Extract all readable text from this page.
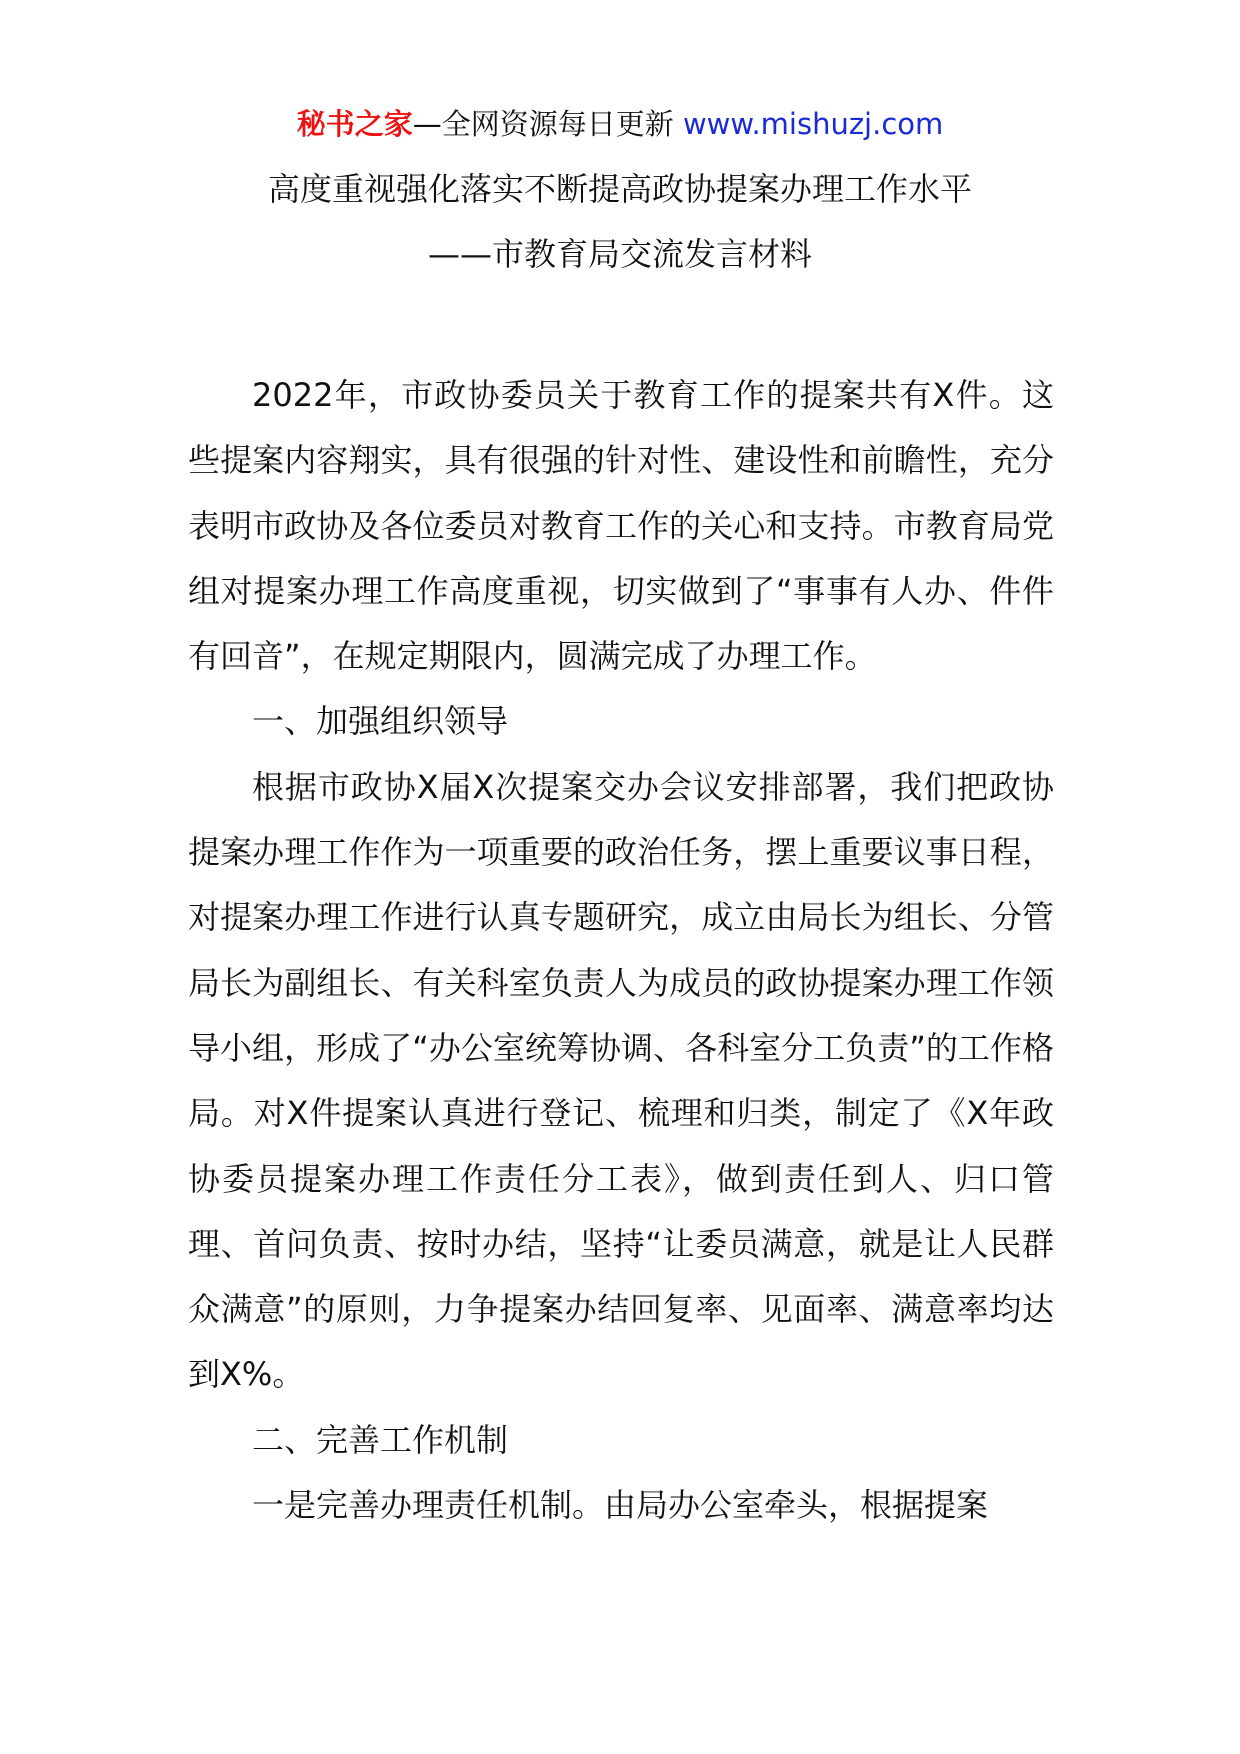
秘书之家—全网资源每日更新 www.mishuzj.com
高度重视强化落实不断提高政协提案办理工作水平
——市教育局交流发言材料

2022年，市政协委员关于教育工作的提案共有X件。这些提案内容翔实，具有很强的针对性、建设性和前瞻性，充分表明市政协及各位委员对教育工作的关心和支持。市教育局党组对提案办理工作高度重视，切实做到了“事事有人办、件件有回音”，在规定期限内，圆满完成了办理工作。

一、加强组织领导

根据市政协X届X次提案交办会议安排部署，我们把政协提案办理工作作为一项重要的政治任务，摆上重要议事日程，对提案办理工作进行认真专题研究，成立由局长为组长、分管局长为副组长、有关科室负责人为成员的政协提案办理工作领导小组，形成了“办公室统筹协调、各科室分工负责”的工作格局。对X件提案认真进行登记、梳理和归类，制定了《X年政协委员提案办理工作责任分工表》，做到责任到人、归口管理、首问负责、按时办结，坚持“让委员满意，就是让人民群众满意”的原则，力争提案办结回复率、见面率、满意率均达到X%。

二、完善工作机制

一是完善办理责任机制。由局办公室牵头，根据提案
